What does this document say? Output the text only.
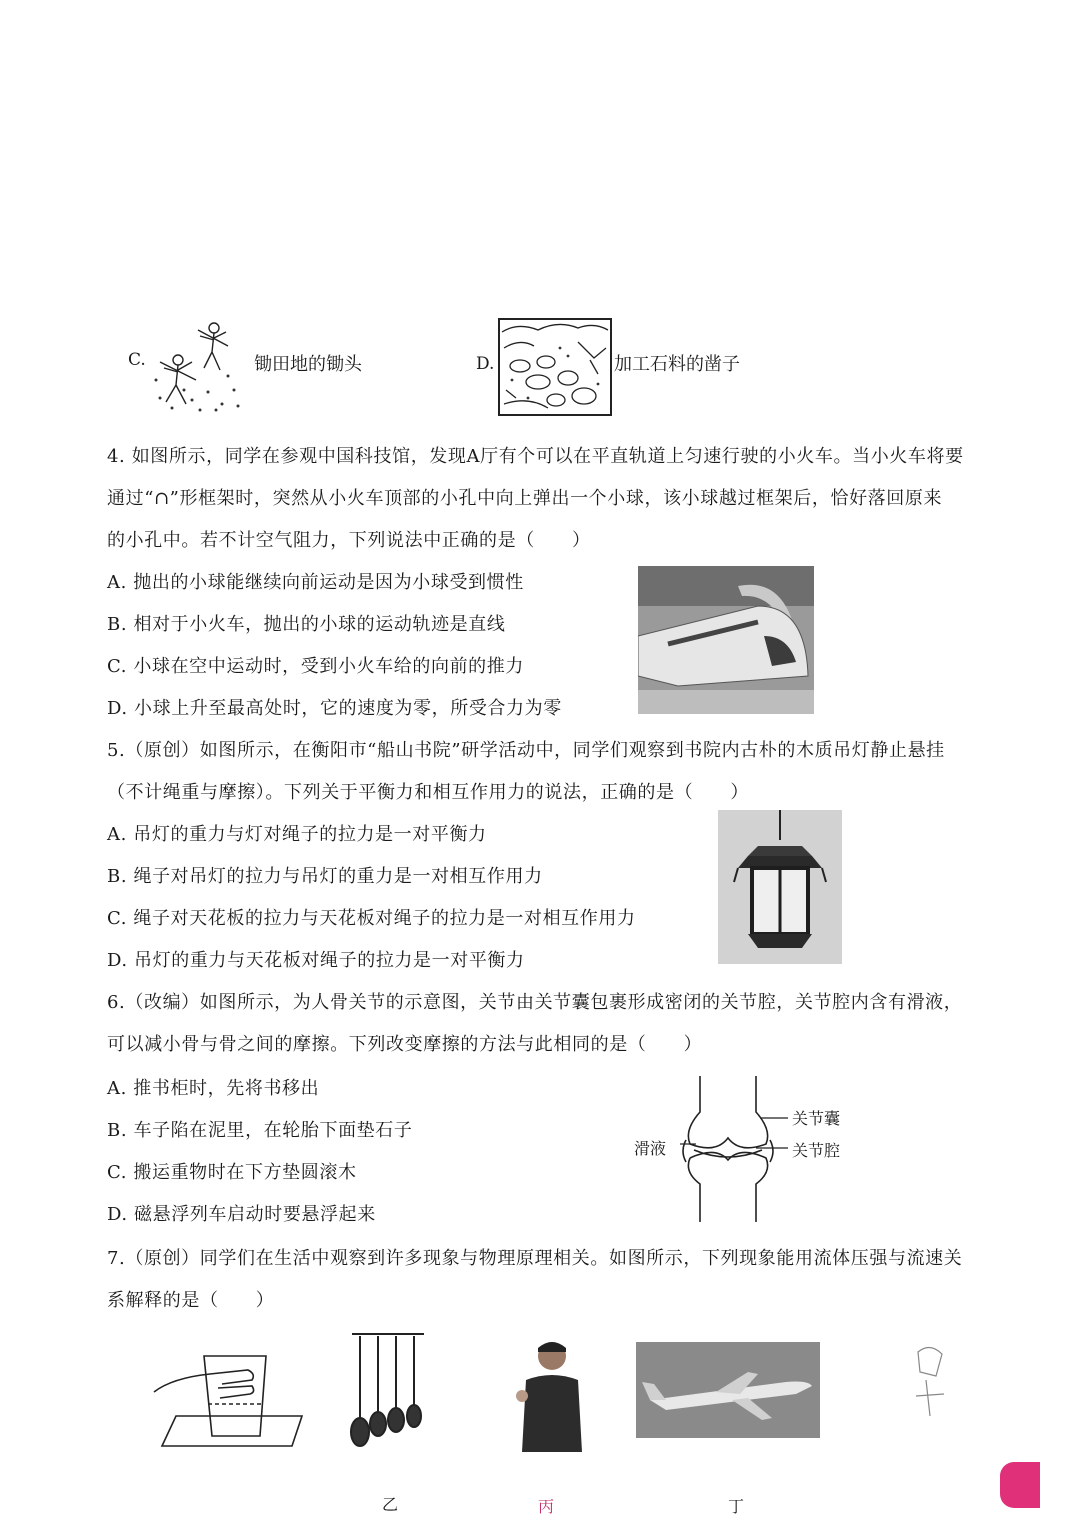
C.	锄田地的锄头	D.	加工石料的凿子
4. 如图所示，同学在参观中国科技馆，发现A厅有个可以在平直轨道上匀速行驶的小火车。当小火车将要
通过“∩”形框架时，突然从小火车顶部的小孔中向上弹出一个小球，该小球越过框架后，恰好落回原来
的小孔中。若不计空气阻力，下列说法中正确的是（　　）
A. 抛出的小球能继续向前运动是因为小球受到惯性
B. 相对于小火车，抛出的小球的运动轨迹是直线
C. 小球在空中运动时，受到小火车给的向前的推力
D. 小球上升至最高处时，它的速度为零，所受合力为零
5.（原创）如图所示，在衡阳市“船山书院”研学活动中，同学们观察到书院内古朴的木质吊灯静止悬挂
（不计绳重与摩擦）。下列关于平衡力和相互作用力的说法，正确的是（　　）
A. 吊灯的重力与灯对绳子的拉力是一对平衡力
B. 绳子对吊灯的拉力与吊灯的重力是一对相互作用力
C. 绳子对天花板的拉力与天花板对绳子的拉力是一对相互作用力
D. 吊灯的重力与天花板对绳子的拉力是一对平衡力
6.（改编）如图所示，为人骨关节的示意图，关节由关节囊包裹形成密闭的关节腔，关节腔内含有滑液，
可以减小骨与骨之间的摩擦。下列改变摩擦的方法与此相同的是（　　）
A. 推书柜时，先将书移出
B. 车子陷在泥里，在轮胎下面垫石子
C. 搬运重物时在下方垫圆滚木
D. 磁悬浮列车启动时要悬浮起来
关节囊
关节腔
滑液
7.（原创）同学们在生活中观察到许多现象与物理原理相关。如图所示，下列现象能用流体压强与流速关
系解释的是（　　）
甲	乙	丙	丁
